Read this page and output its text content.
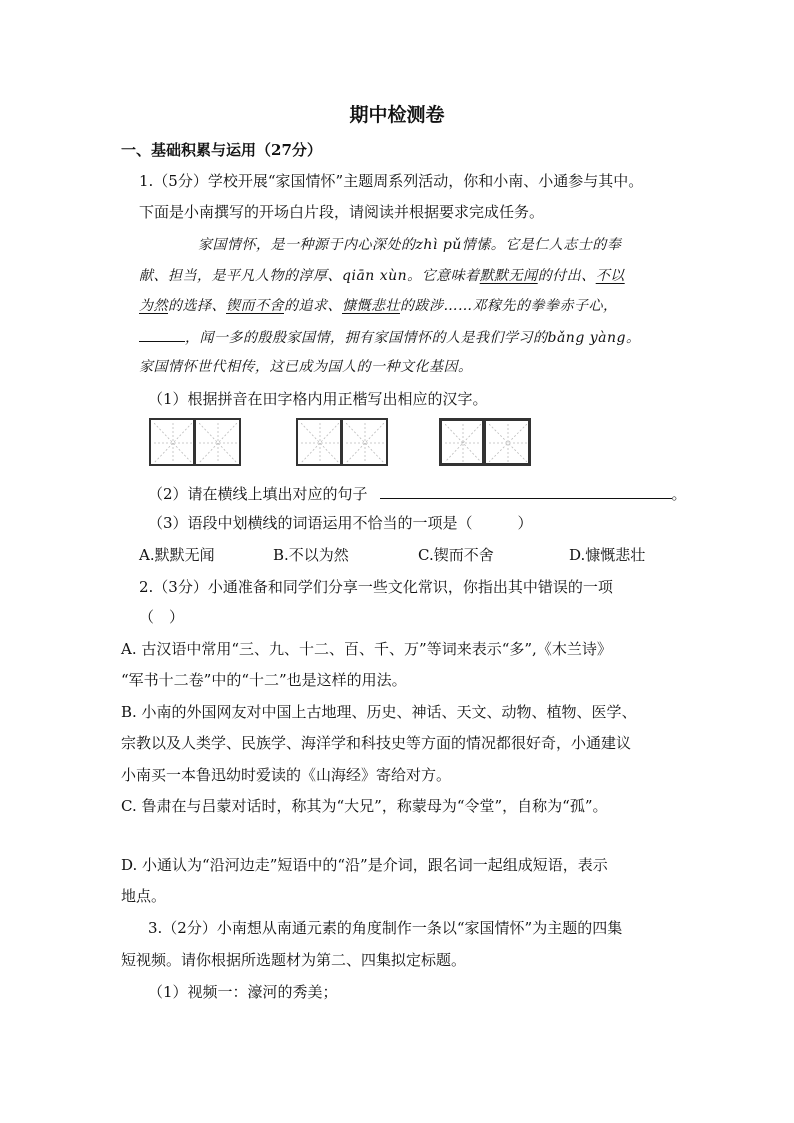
期中检测卷
一、基础积累与运用（27分）
1.（5分）学校开展“家国情怀”主题周系列活动，你和小南、小通参与其中。
下面是小南撰写的开场白片段，请阅读并根据要求完成任务。
家国情怀，是一种源于内心深处的zhì pǔ情愫。它是仁人志士的奉
献、担当，是平凡人物的淳厚、qiān xùn。它意味着默默无闻的付出、不以
为然的选择、锲而不舍的追求、慷慨悲壮的跋涉……邓稼先的拳拳赤子心，
，闻一多的殷殷家国情，拥有家国情怀的人是我们学习的bǎng yàng。
家国情怀世代相传，这已成为国人的一种文化基因。
（1）根据拼音在田字格内用正楷写出相应的汉字。
（2）请在横线上填出对应的句子	。
（3）语段中划横线的词语运用不恰当的一项是（　　　）
A.默默无闻	B.不以为然	C.锲而不舍	D.慷慨悲壮
2.（3分）小通准备和同学们分享一些文化常识，你指出其中错误的一项
（　）
A. 古汉语中常用“三、九、十二、百、千、万”等词来表示“多”,《木兰诗》
“军书十二卷”中的“十二”也是这样的用法。
B. 小南的外国网友对中国上古地理、历史、神话、天文、动物、植物、医学、
宗教以及人类学、民族学、海洋学和科技史等方面的情况都很好奇，小通建议
小南买一本鲁迅幼时爱读的《山海经》寄给对方。
C. 鲁肃在与吕蒙对话时，称其为“大兄”，称蒙母为“令堂”，自称为“孤”。
D. 小通认为“沿河边走”短语中的“沿”是介词，跟名词一起组成短语，表示
地点。
3.（2分）小南想从南通元素的角度制作一条以“家国情怀”为主题的四集
短视频。请你根据所选题材为第二、四集拟定标题。
（1）视频一：濠河的秀美；
